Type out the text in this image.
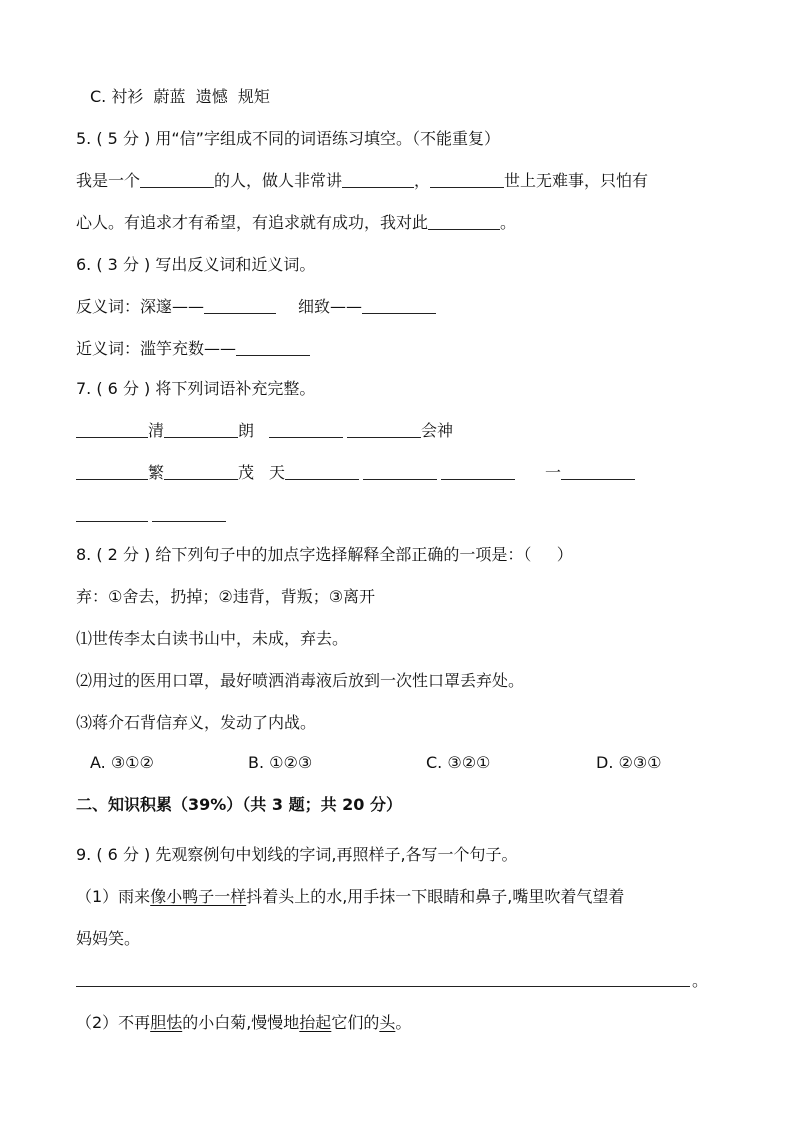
C. 衬衫  蔚蓝  遗憾  规矩
5. ( 5 分 ) 用“信”字组成不同的词语练习填空。（不能重复）
我是一个	的人，做人非常讲	，	世上无难事，只怕有
心人。有追求才有希望，有追求就有成功，我对此	。
6. ( 3 分 ) 写出反义词和近义词。
反义词：深邃——	细致——
近义词：滥竽充数——
7. ( 6 分 ) 将下列词语补充完整。
清	朗	会神
繁	茂 天	一
8. ( 2 分 ) 给下列句子中的加点字选择解释全部正确的一项是：（     ）
弃：①舍去，扔掉；②违背，背叛；③离开
⑴世传李太白读书山中，未成，弃去。
⑵用过的医用口罩，最好喷洒消毒液后放到一次性口罩丢弃处。
⑶蒋介石背信弃义，发动了内战。
A. ③①②	B. ①②③	C. ③②①	D. ②③①
二、知识积累（39%）（共 3 题；共 20 分）
9. ( 6 分 ) 先观察例句中划线的字词,再照样子,各写一个句子。
（1）雨来像小鸭子一样抖着头上的水,用手抹一下眼睛和鼻子,嘴里吹着气望着
妈妈笑。
。
（2）不再胆怯的小白菊,慢慢地抬起它们的头。
